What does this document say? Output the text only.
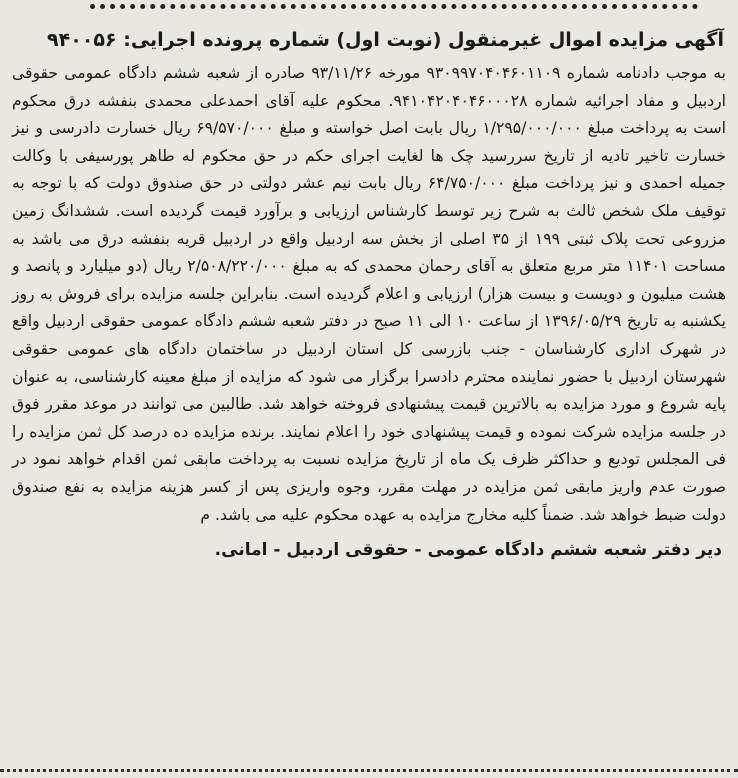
آگهی مزایده اموال غیرمنقول (نوبت اول) شماره پرونده اجرایی: ۹۴۰۰۵۶

به موجب دادنامه شماره ۹۳۰۹۹۷۰۴۰۴۶۰۱۱۰۹ مورخه ۹۳/۱۱/۲۶ صادره از شعبه ششم دادگاه عمومی حقوقی اردبیل و مفاد اجرائیه شماره ۹۴۱۰۴۲۰۴۰۴۶۰۰۰۲۸. محکوم علیه آقای احمدعلی محمدی بنفشه درق محکوم است به پرداخت مبلغ ۱/۲۹۵/۰۰۰/۰۰۰ ریال بابت اصل خواسته و مبلغ ۶۹/۵۷۰/۰۰۰ ریال خسارت دادرسی و نیز خسارت تاخیر تادیه از تاریخ سررسید چک ها لغایت اجرای حکم در حق محکوم له طاهر پورسیفی با وکالت جمیله احمدی و نیز پرداخت مبلغ ۶۴/۷۵۰/۰۰۰ ریال بابت نیم عشر دولتی در حق صندوق دولت که با توجه به توقیف ملک شخص ثالث به شرح زیر توسط کارشناس ارزیابی و برآورد قیمت گردیده است. ششدانگ زمین مزروعی تحت پلاک ثبتی ۱۹۹ از ۳۵ اصلی از بخش سه اردبیل واقع در اردبیل قریه بنفشه درق می باشد به مساحت ۱۱۴۰۱ متر مربع متعلق به آقای رحمان محمدی که به مبلغ ۲/۵۰۸/۲۲۰/۰۰۰ ریال (دو میلیارد و پانصد و هشت میلیون و دویست و بیست هزار) ارزیابی و اعلام گردیده است. بنابراین جلسه مزایده برای فروش به روز یکشنبه به تاریخ ۱۳۹۶/۰۵/۲۹ از ساعت ۱۰ الی ۱۱ صبح در دفتر شعبه ششم دادگاه عمومی حقوقی اردبیل واقع در شهرک اداری کارشناسان - جنب بازرسی کل استان اردبیل در ساختمان دادگاه های عمومی حقوقی شهرستان اردبیل با حضور نماینده محترم دادسرا برگزار می شود که مزایده از مبلغ معینه کارشناسی، به عنوان پایه شروع و مورد مزایده به بالاترین قیمت پیشنهادی فروخته خواهد شد. طالبین می توانند در موعد مقرر فوق در جلسه مزایده شرکت نموده و قیمت پیشنهادی خود را اعلام نمایند. برنده مزایده ده درصد کل ثمن مزایده را فی المجلس تودیع و حداکثر ظرف یک ماه از تاریخ مزایده نسبت به پرداخت مابقی ثمن اقدام خواهد نمود در صورت عدم واریز مابقی ثمن مزایده در مهلت مقرر، وجوه واریزی پس از کسر هزینه مزایده به نفع صندوق دولت ضبط خواهد شد. ضمناً کلیه مخارج مزایده به عهده محکوم علیه می باشد. م

دیر دفتر شعبه ششم دادگاه عمومی - حقوقی اردبیل - امانی.
